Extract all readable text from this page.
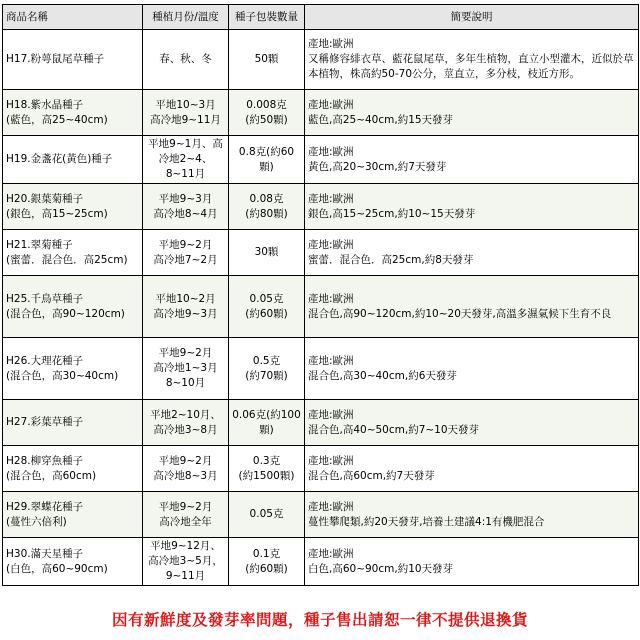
商品名稱	種植月份/溫度	種子包裝數量	簡要說明

H17.粉萼鼠尾草種子	春、秋、冬	50顆	產地:歐洲
又稱修容緋衣草、藍花鼠尾草，多年生植物，直立小型灌木，近似於草本植物，株高約50-70公分，莖直立，多分枝，枝近方形。

H18.紫水晶種子
(藍色，高25~40cm)	平地10~3月
高冷地9~11月	0.008克
(約50顆)	產地:歐洲
藍色,高25~40cm,約15天發芽

H19.金盞花(黃色)種子	平地9~1月、高
冷地2~4、
8~11月	0.8克(約60
顆)	產地:歐洲
黃色,高20~30cm,約7天發芽

H20.銀葉菊種子
(銀色，高15~25cm)	平地9~3月
高冷地8~4月	0.08克
(約80顆)	產地:歐洲
銀色,高15~25cm,約10~15天發芽

H21.翠菊種子
(蜜蕾．混合色．高25cm)	平地9~2月
高冷地7~2月	30顆	產地:歐洲
蜜蕾．混合色．高25cm,約8天發芽

H25.千鳥草種子
(混合色，高90~120cm)	平地10~2月
高冷地9~3月	0.05克
(約60顆)	產地:歐洲
混合色,高90~120cm,約10~20天發芽,高溫多濕氣候下生育不良

H26.大理花種子
(混合色，高30~40cm)	平地9~2月
高冷地1~3月
8~10月	0.5克
(約70顆)	產地:歐洲
混合色,高30~40cm,約6天發芽

H27.彩葉草種子	平地2~10月、
高冷地3~8月	0.06克(約100
顆)	產地:歐洲
混合色,高40~50cm,約7~10天發芽

H28.柳穿魚種子
(混合色，高60cm)	平地9~2月
高冷地8~3月	0.3克
(約1500顆)	產地:歐洲
混合色,高60cm,約7天發芽

H29.翠蝶花種子
(蔓性六倍利)	平地9~2月
高冷地全年	0.05克	產地:歐洲
蔓性攀爬類,約20天發芽,培養土建議4:1有機肥混合

H30.滿天星種子
(白色，高60~90cm)	平地9~12月、
高冷地3~5月，
9~11月	0.1克
(約60顆)	產地:歐洲
白色,高60~90cm,約10天發芽
因有新鮮度及發芽率問題，種子售出請恕一律不提供退換貨
